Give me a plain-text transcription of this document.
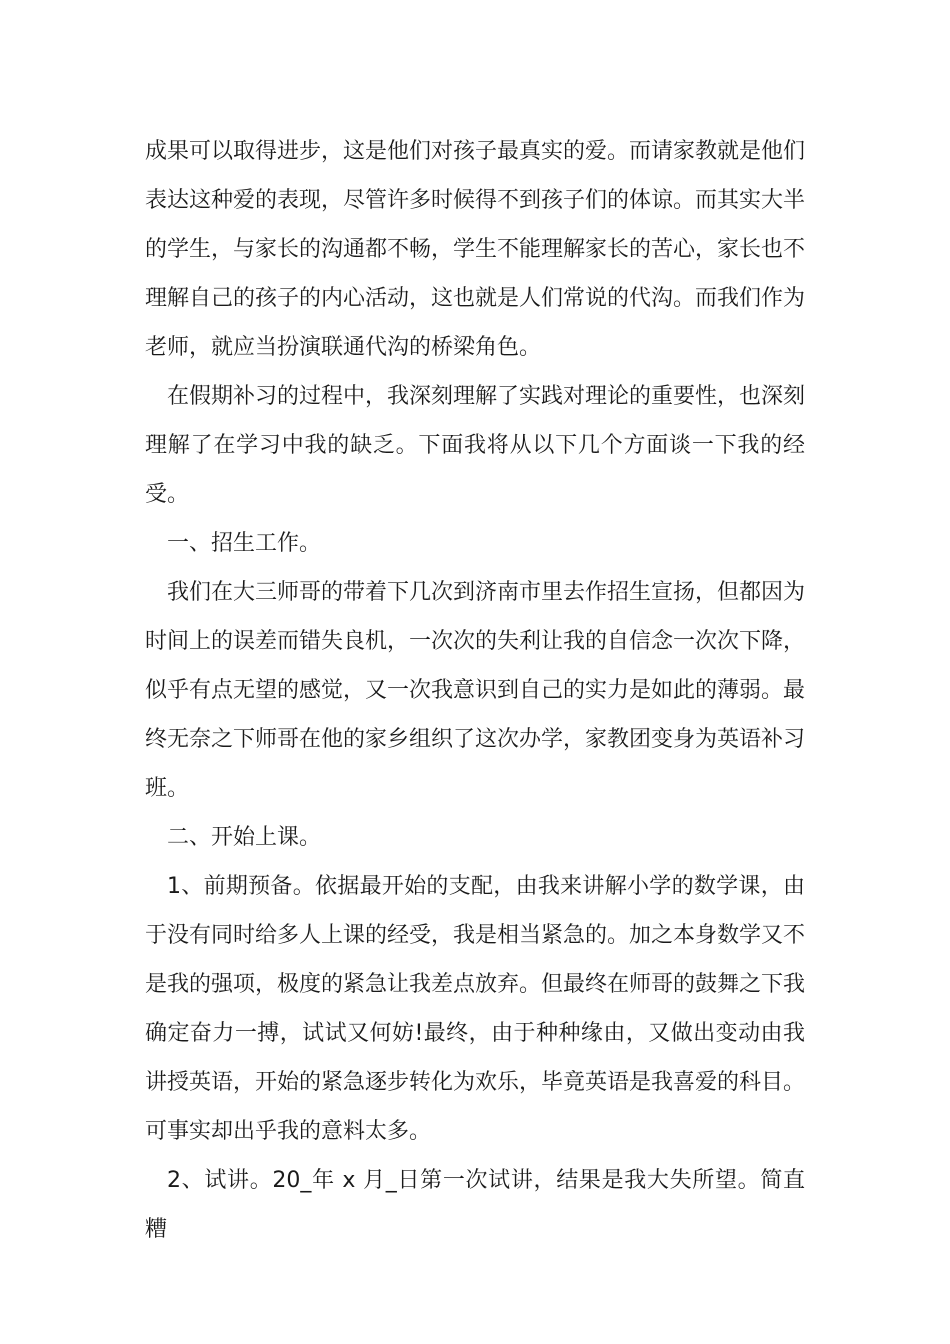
成果可以取得进步，这是他们对孩子最真实的爱。而请家教就是他们表达这种爱的表现，尽管许多时候得不到孩子们的体谅。而其实大半的学生，与家长的沟通都不畅，学生不能理解家长的苦心，家长也不理解自己的孩子的内心活动，这也就是人们常说的代沟。而我们作为老师，就应当扮演联通代沟的桥梁角色。

在假期补习的过程中，我深刻理解了实践对理论的重要性，也深刻理解了在学习中我的缺乏。下面我将从以下几个方面谈一下我的经受。

一、招生工作。

我们在大三师哥的带着下几次到济南市里去作招生宣扬，但都因为时间上的误差而错失良机，一次次的失利让我的自信念一次次下降，似乎有点无望的感觉，又一次我意识到自己的实力是如此的薄弱。最终无奈之下师哥在他的家乡组织了这次办学，家教团变身为英语补习班。

二、开始上课。

1、前期预备。依据最开始的支配，由我来讲解小学的数学课，由于没有同时给多人上课的经受，我是相当紧急的。加之本身数学又不是我的强项，极度的紧急让我差点放弃。但最终在师哥的鼓舞之下我确定奋力一搏，试试又何妨!最终，由于种种缘由，又做出变动由我讲授英语，开始的紧急逐步转化为欢乐，毕竟英语是我喜爱的科目。可事实却出乎我的意料太多。

2、试讲。20_年 x 月_日第一次试讲，结果是我大失所望。简直糟
